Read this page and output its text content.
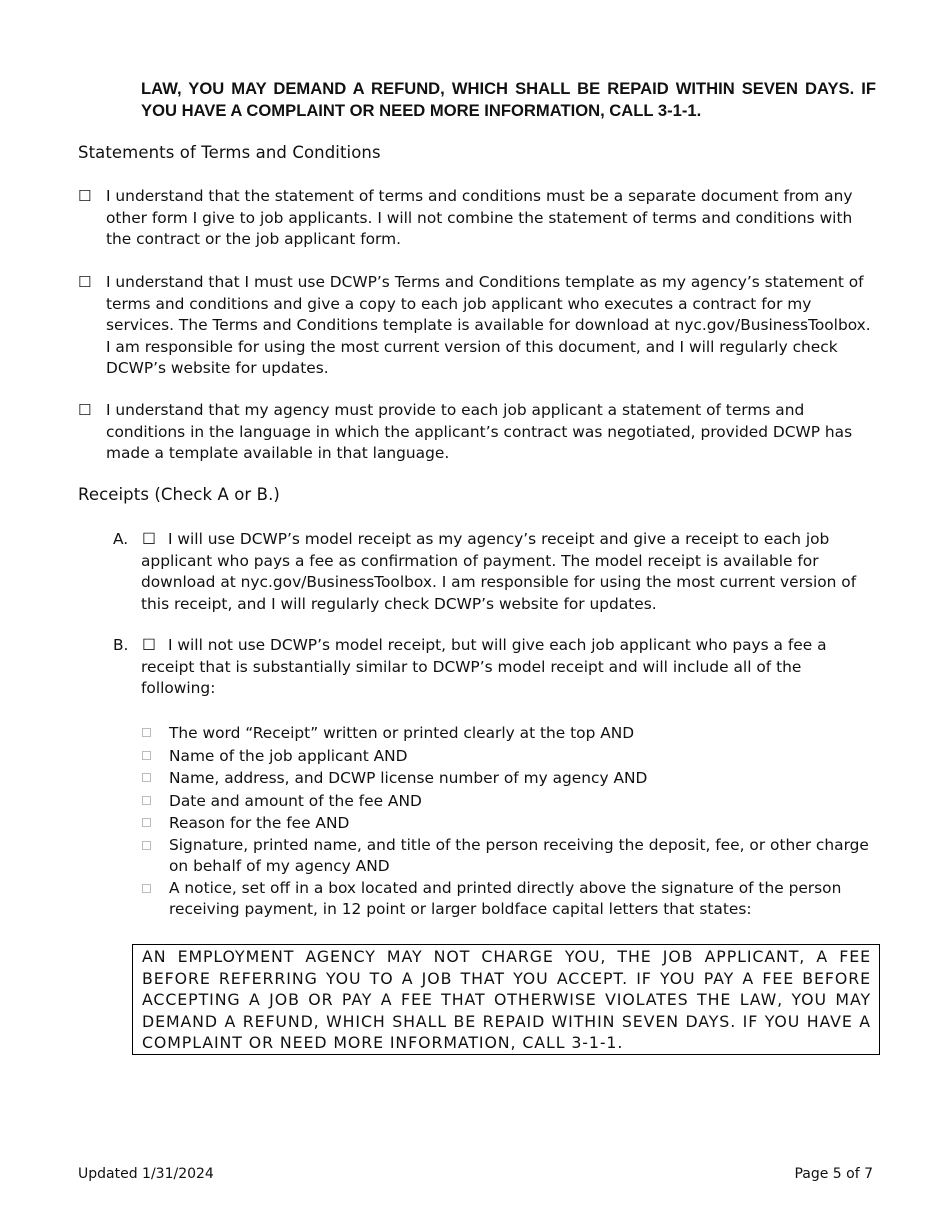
LAW, YOU MAY DEMAND A REFUND, WHICH SHALL BE REPAID WITHIN SEVEN DAYS. IF YOU HAVE A COMPLAINT OR NEED MORE INFORMATION, CALL 3-1-1.

Statements of Terms and Conditions
☐ I understand that the statement of terms and conditions must be a separate document from any other form I give to job applicants. I will not combine the statement of terms and conditions with the contract or the job applicant form.
☐ I understand that I must use DCWP’s Terms and Conditions template as my agency’s statement of terms and conditions and give a copy to each job applicant who executes a contract for my services. The Terms and Conditions template is available for download at nyc.gov/BusinessToolbox. I am responsible for using the most current version of this document, and I will regularly check DCWP’s website for updates.
☐ I understand that my agency must provide to each job applicant a statement of terms and conditions in the language in which the applicant’s contract was negotiated, provided DCWP has made a template available in that language.
Receipts (Check A or B.)
A. ☐ I will use DCWP’s model receipt as my agency’s receipt and give a receipt to each job applicant who pays a fee as confirmation of payment. The model receipt is available for download at nyc.gov/BusinessToolbox. I am responsible for using the most current version of this receipt, and I will regularly check DCWP’s website for updates.
B. ☐ I will not use DCWP’s model receipt, but will give each job applicant who pays a fee a receipt that is substantially similar to DCWP’s model receipt and will include all of the following:
The word “Receipt” written or printed clearly at the top AND
Name of the job applicant AND
Name, address, and DCWP license number of my agency AND
Date and amount of the fee AND
Reason for the fee AND
Signature, printed name, and title of the person receiving the deposit, fee, or other charge on behalf of my agency AND
A notice, set off in a box located and printed directly above the signature of the person receiving payment, in 12 point or larger boldface capital letters that states:
AN EMPLOYMENT AGENCY MAY NOT CHARGE YOU, THE JOB APPLICANT, A FEE BEFORE REFERRING YOU TO A JOB THAT YOU ACCEPT. IF YOU PAY A FEE BEFORE ACCEPTING A JOB OR PAY A FEE THAT OTHERWISE VIOLATES THE LAW, YOU MAY DEMAND A REFUND, WHICH SHALL BE REPAID WITHIN SEVEN DAYS. IF YOU HAVE A COMPLAINT OR NEED MORE INFORMATION, CALL 3-1-1.
Updated 1/31/2024	Page 5 of 7
